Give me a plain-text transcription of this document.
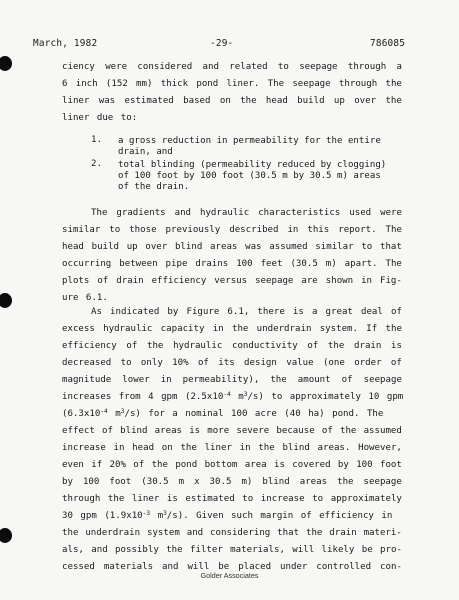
March, 1982	-29-	786085
ciency were considered and related to seepage through a
6 inch (152 mm) thick pond liner. The seepage through the
liner was estimated based on the head build up over the
liner due to:
1. a gross reduction in permeability for the entire
drain, and
2. total blinding (permeability reduced by clogging)
of 100 foot by 100 foot (30.5 m by 30.5 m) areas
of the drain.
The gradients and hydraulic characteristics used were
similar to those previously described in this report. The
head build up over blind areas was assumed similar to that
occurring between pipe drains 100 feet (30.5 m) apart. The
plots of drain efficiency versus seepage are shown in Fig-
ure 6.1.
As indicated by Figure 6.1, there is a great deal of
excess hydraulic capacity in the underdrain system. If the
efficiency of the hydraulic conductivity of the drain is
decreased to only 10% of its design value (one order of
magnitude lower in permeability), the amount of seepage
increases from 4 gpm ($2.5x10^{-4}$ $m^3/s$) to approximately 10 gpm
($6.3x10^{-4}$ $m^3/s$) for a nominal 100 acre (40 ha) pond. The
effect of blind areas is more severe because of the assumed
increase in head on the liner in the blind areas. However,
even if 20% of the pond bottom area is covered by 100 foot
by 100 foot (30.5 m x 30.5 m) blind areas the seepage
through the liner is estimated to increase to approximately
30 gpm ($1.9x10^{-3}$ $m^3/s$). Given such margin of efficiency in
the underdrain system and considering that the drain materi-
als, and possibly the filter materials, will likely be pro-
cessed materials and will be placed under controlled con-
Golder Associates
